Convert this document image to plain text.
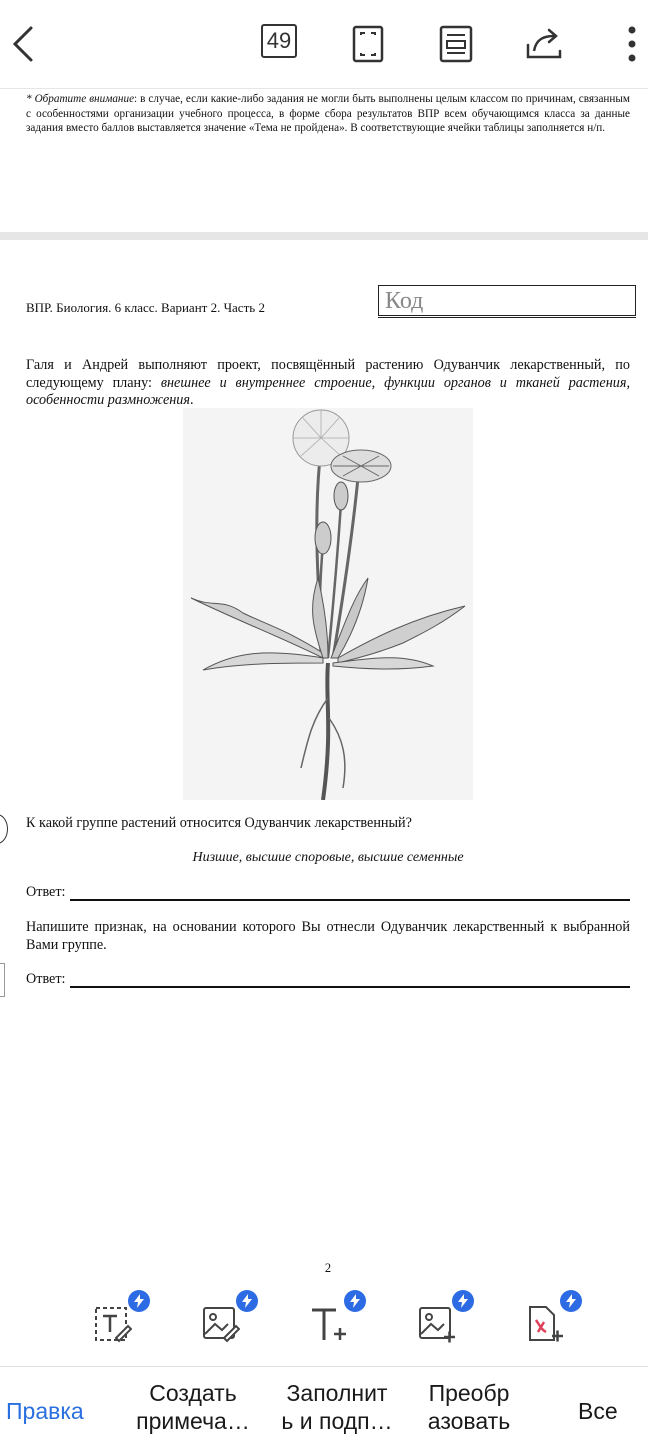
49
* Обратите внимание: в случае, если какие-либо задания не могли быть выполнены целым классом по причинам, связанным с особенностями организации учебного процесса, в форме сбора результатов ВПР всем обучающимся класса за данные задания вместо баллов выставляется значение «Тема не пройдена». В соответствующие ячейки таблицы заполняется н/п.
ВПР. Биология. 6 класс. Вариант 2. Часть 2	Код
Галя и Андрей выполняют проект, посвящённый растению Одуванчик лекарственный, по следующему плану: внешнее и внутреннее строение, функции органов и тканей растения, особенности размножения.
К какой группе растений относится Одуванчик лекарственный?
Низшие, высшие споровые, высшие семенные
Ответ:
Напишите признак, на основании которого Вы отнесли Одуванчик лекарственный к выбранной Вами группе.
Ответ:
2
Правка
Создать
примеча…
Заполнит
ь и подп…
Преобр
азовать	Все
